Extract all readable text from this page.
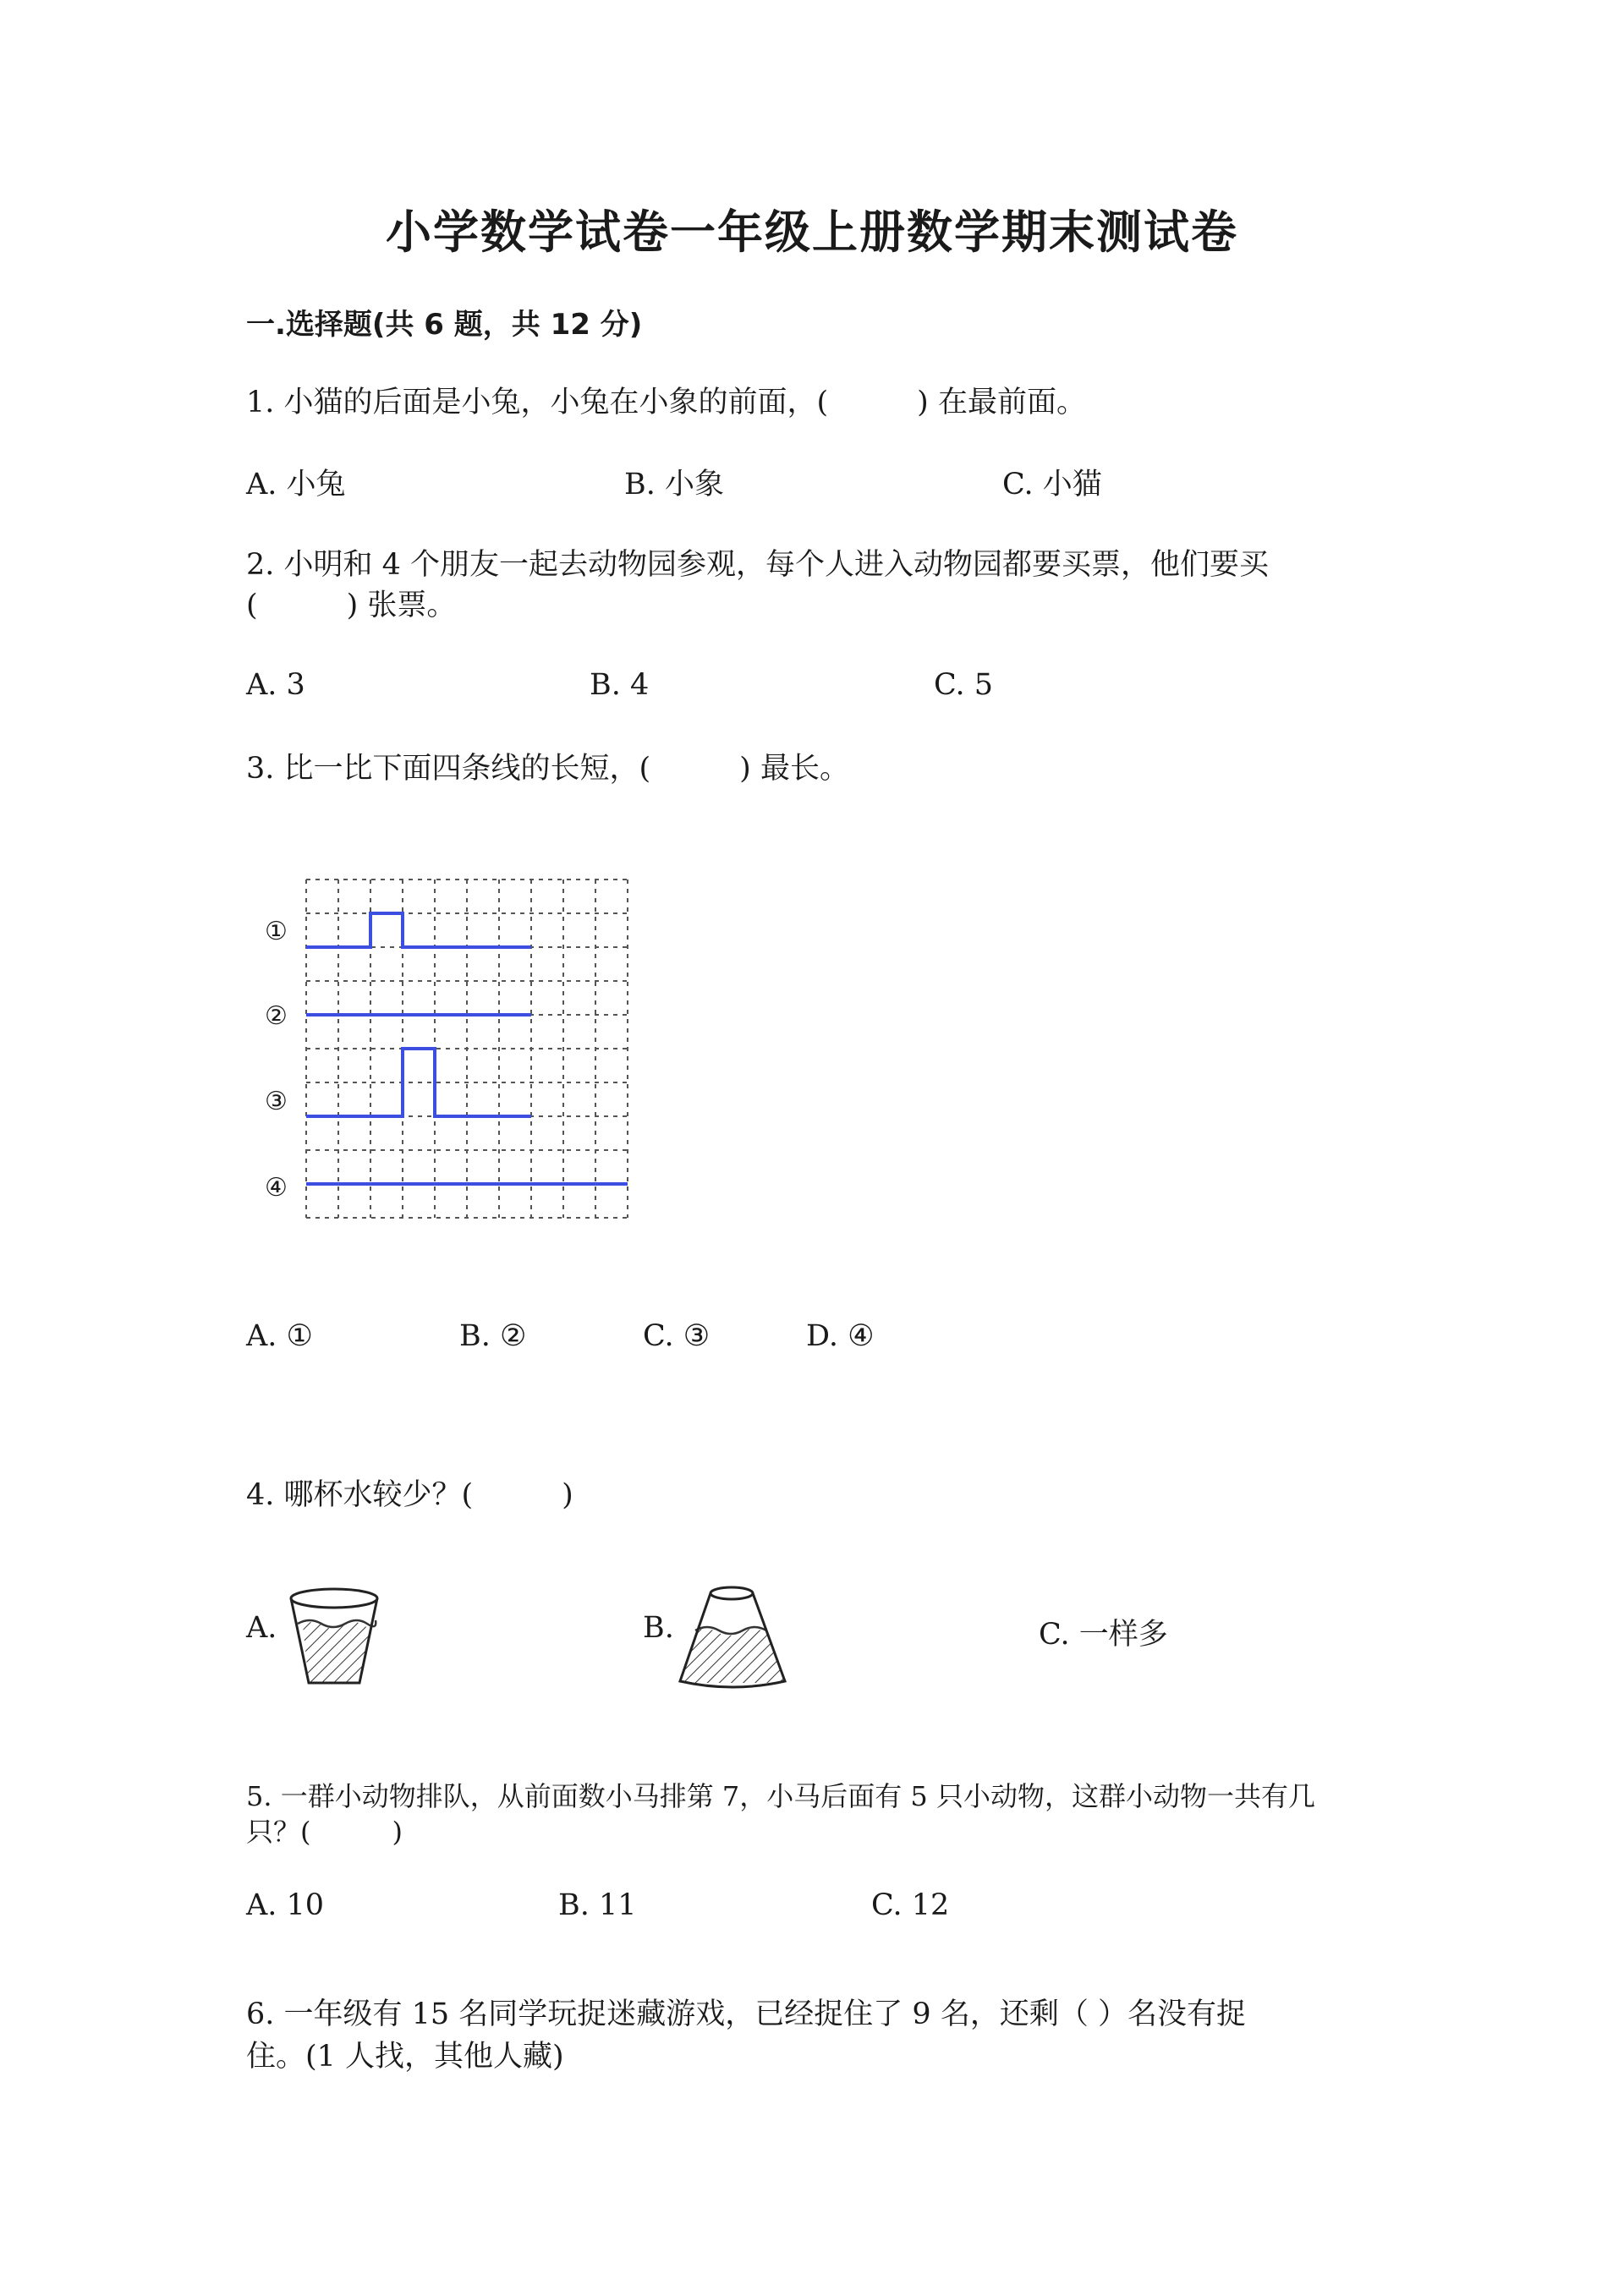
小学数学试卷一年级上册数学期末测试卷
一.选择题(共 6 题，共 12 分)
1. 小猫的后面是小兔，小兔在小象的前面，(　　　) 在最前面。
A. 小兔	B. 小象	C. 小猫
2. 小明和 4 个朋友一起去动物园参观，每个人进入动物园都要买票，他们要买
(　　　) 张票。
A. 3	B. 4	C. 5
3. 比一比下面四条线的长短，(　　　) 最长。
①
②
③
④
A. ①	B. ②	C. ③	D. ④
4. 哪杯水较少？(　　　)
A.	B.	C. 一样多
5. 一群小动物排队，从前面数小马排第 7，小马后面有 5 只小动物，这群小动物一共有几
只？(　　　)
A. 10	B. 11	C. 12
6. 一年级有 15 名同学玩捉迷藏游戏，已经捉住了 9 名，还剩（ ）名没有捉
住。(1 人找，其他人藏)
